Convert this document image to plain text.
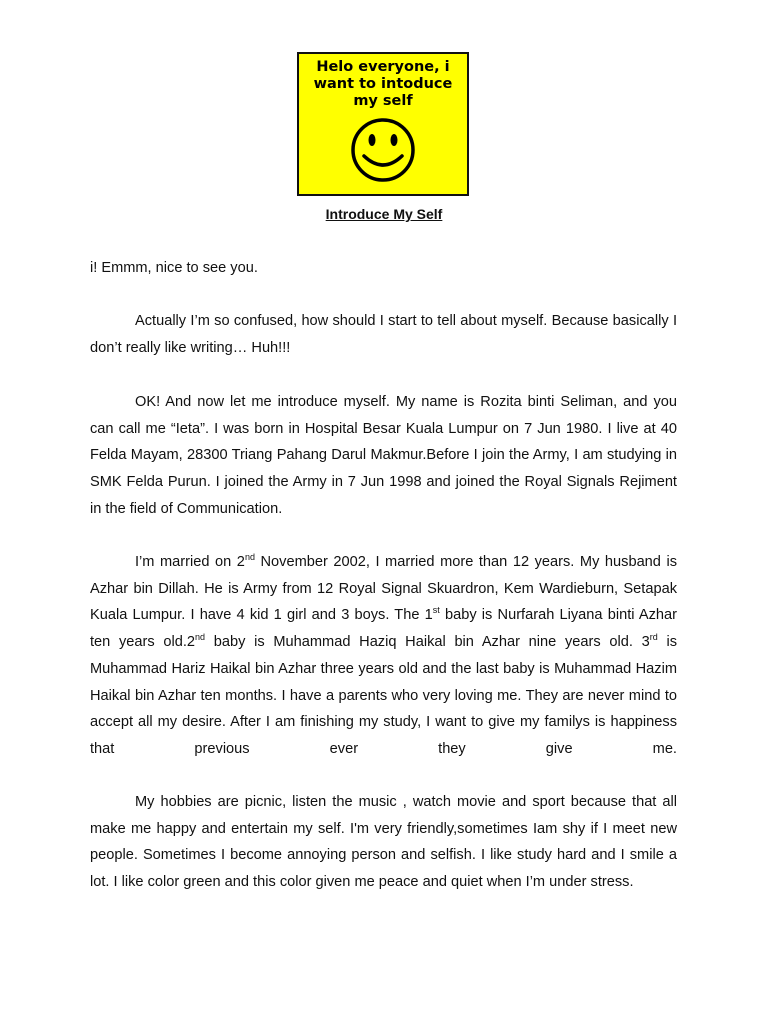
Helo everyone, i
want to intoduce
my self
Introduce My Self

i! Emmm, nice to see you.

Actually I’m so confused, how should I start to tell about myself. Because basically I don’t really like writing… Huh!!!

OK! And now let me introduce myself. My name is Rozita binti Seliman, and you can call me “Ieta”. I was born in Hospital Besar Kuala Lumpur on 7 Jun 1980. I live at 40 Felda Mayam, 28300 Triang Pahang Darul Makmur.Before I join the Army, I am studying in SMK Felda Purun. I joined the Army in 7 Jun 1998 and joined the Royal Signals Rejiment in the field of Communication.

I’m married on 2nd November 2002, I married more than 12 years. My husband is Azhar bin Dillah. He is Army from 12 Royal Signal Skuardron, Kem Wardieburn, Setapak Kuala Lumpur. I have 4 kid 1 girl and 3 boys. The 1st baby is Nurfarah Liyana binti Azhar ten years old.2nd baby is Muhammad Haziq Haikal bin Azhar nine years old. 3rd is Muhammad Hariz Haikal bin Azhar three years old and the last baby is Muhammad Hazim Haikal bin Azhar ten months. I have a parents who very loving me. They are never mind to accept all my desire. After I am finishing my study, I want to give my familys is happiness that previous ever they give me.

My hobbies are picnic, listen the music , watch movie and sport because that all make me happy and entertain my self. I'm very friendly,sometimes Iam shy if I meet new people. Sometimes I become annoying person and selfish. I like study hard and I smile a lot. I like color green and this color given me peace and quiet when I’m under stress.
